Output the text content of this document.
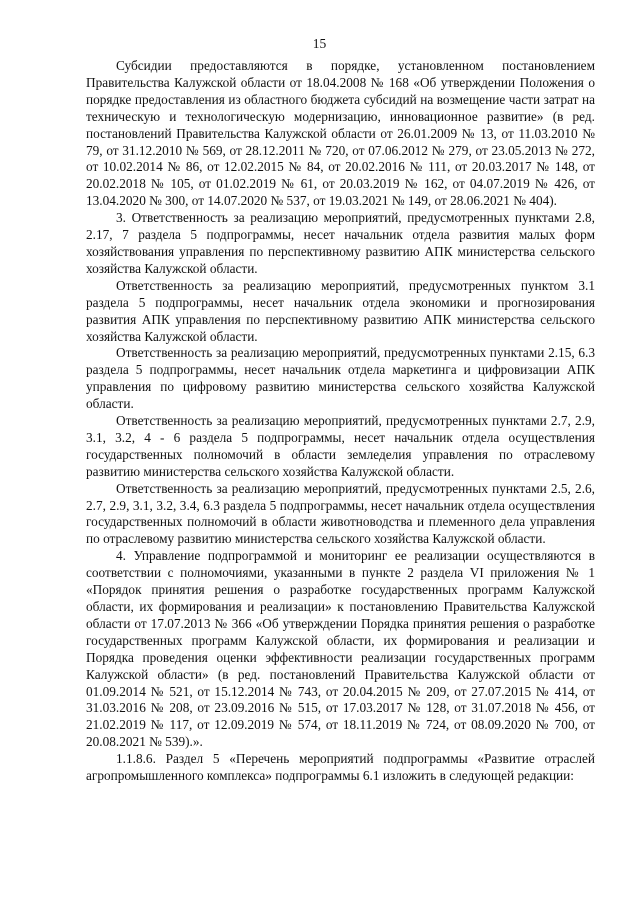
15

Субсидии предоставляются в порядке, установленном постановлением Правительства Калужской области от 18.04.2008 № 168 «Об утверждении Положения о порядке предоставления из областного бюджета субсидий на возмещение части затрат на техническую и технологическую модернизацию, инновационное развитие» (в ред. постановлений Правительства Калужской области от 26.01.2009 № 13, от 11.03.2010 № 79, от 31.12.2010 № 569, от 28.12.2011 № 720, от 07.06.2012 № 279, от 23.05.2013 № 272, от 10.02.2014 № 86, от 12.02.2015 № 84, от 20.02.2016 № 111, от 20.03.2017 № 148, от 20.02.2018 № 105, от 01.02.2019 № 61, от 20.03.2019 № 162, от 04.07.2019 № 426, от 13.04.2020 № 300, от 14.07.2020 № 537, от 19.03.2021 № 149, от 28.06.2021 № 404).

3. Ответственность за реализацию мероприятий, предусмотренных пунктами 2.8, 2.17, 7 раздела 5 подпрограммы, несет начальник отдела развития малых форм хозяйствования управления по перспективному развитию АПК министерства сельского хозяйства Калужской области.

Ответственность за реализацию мероприятий, предусмотренных пунктом 3.1 раздела 5 подпрограммы, несет начальник отдела экономики и прогнозирования развития АПК управления по перспективному развитию АПК министерства сельского хозяйства Калужской области.

Ответственность за реализацию мероприятий, предусмотренных пунктами 2.15, 6.3 раздела 5 подпрограммы, несет начальник отдела маркетинга и цифровизации АПК управления по цифровому развитию министерства сельского хозяйства Калужской области.

Ответственность за реализацию мероприятий, предусмотренных пунктами 2.7, 2.9, 3.1, 3.2, 4 - 6 раздела 5 подпрограммы, несет начальник отдела осуществления государственных полномочий в области земледелия управления по отраслевому развитию министерства сельского хозяйства Калужской области.

Ответственность за реализацию мероприятий, предусмотренных пунктами 2.5, 2.6, 2.7, 2.9, 3.1, 3.2, 3.4, 6.3 раздела 5 подпрограммы, несет начальник отдела осуществления государственных полномочий в области животноводства и племенного дела управления по отраслевому развитию министерства сельского хозяйства Калужской области.

4. Управление подпрограммой и мониторинг ее реализации осуществляются в соответствии с полномочиями, указанными в пункте 2 раздела VI приложения № 1 «Порядок принятия решения о разработке государственных программ Калужской области, их формирования и реализации» к постановлению Правительства Калужской области от 17.07.2013 № 366 «Об утверждении Порядка принятия решения о разработке государственных программ Калужской области, их формирования и реализации и Порядка проведения оценки эффективности реализации государственных программ Калужской области» (в ред. постановлений Правительства Калужской области от 01.09.2014 № 521, от 15.12.2014 № 743, от 20.04.2015 № 209, от 27.07.2015 № 414, от 31.03.2016 № 208, от 23.09.2016 № 515, от 17.03.2017 № 128, от 31.07.2018 № 456, от 21.02.2019 № 117, от 12.09.2019 № 574, от 18.11.2019 № 724, от 08.09.2020 № 700, от 20.08.2021 № 539).».

1.1.8.6. Раздел 5 «Перечень мероприятий подпрограммы «Развитие отраслей агропромышленного комплекса» подпрограммы 6.1 изложить в следующей редакции:
